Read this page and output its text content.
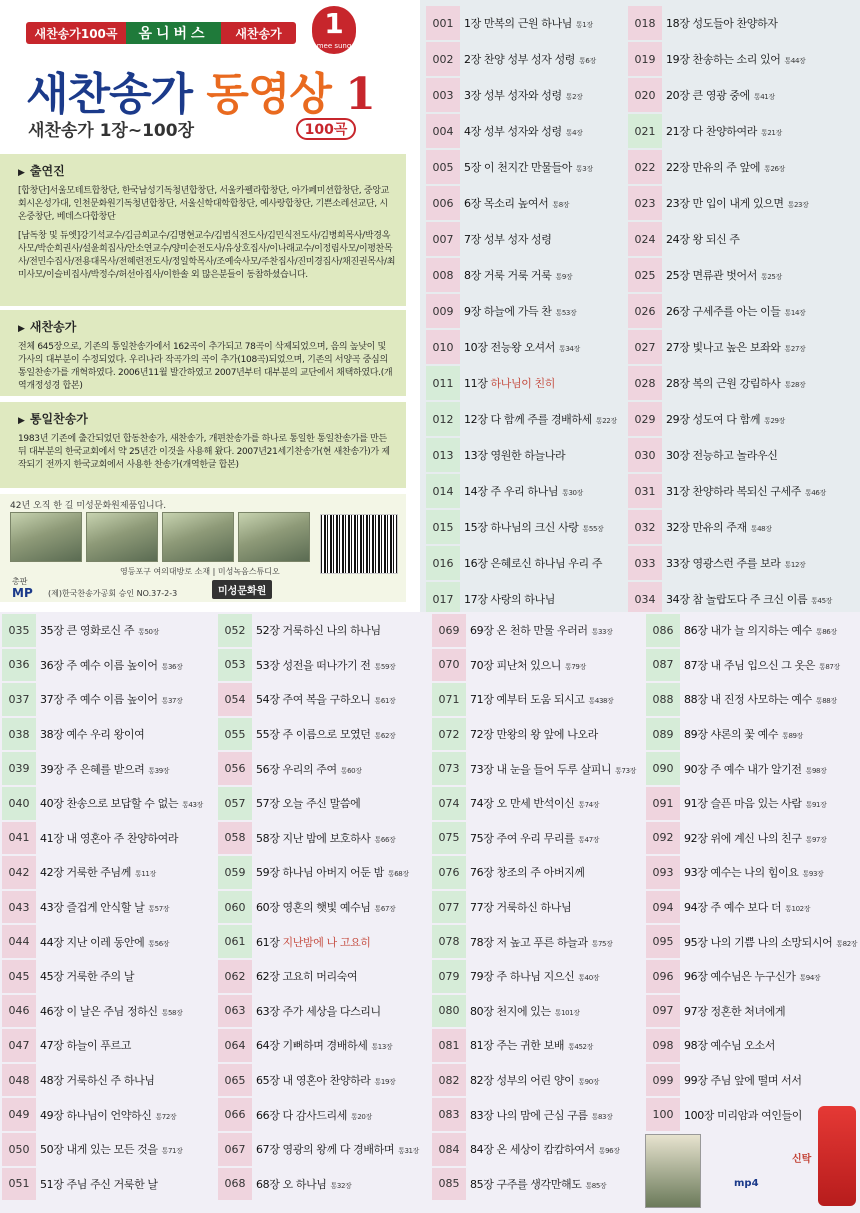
새찬송가100곡	옴니버스	새찬송가	1
mee sung
새찬송가 동영상 1
새찬송가 1장~100장	100곡
▶ 출연진

[합창단]서울모테트합창단, 한국남성기독청년합창단, 서울카펠라합창단, 아가페미션합창단, 중앙교회시온성가대, 인천문화원기독청년합창단, 서울신학대학합창단, 예사랑합창단, 기쁜소레선교단, 시온중창단, 베데스다합창단

[남독창 및 듀엣]강기석교수/김금희교수/김명현교수/김범식전도사/김민식전도사/김병희목사/박경옥사모/박순희권사/설윤희집사/안소연교수/양미순전도사/유상호집사/이나래교수/이정림사모/이평찬목사/전민수집사/전용대목사/전혜련전도사/정일학목사/조예숙사모/주찬집사/진미경집사/채진권목사/최미사모/이슬비집사/박정수/허선아집사/이한솔 외 많은분들이 동참하셨습니다.

▶ 새찬송가

전체 645장으로, 기존의 통일찬송가에서 162곡이 추가되고 78곡이 삭제되었으며, 음의 높낮이 및 가사의 대부분이 수정되었다. 우리나라 작곡가의 곡이 추가(108곡)되었으며, 기존의 서양곡 중심의 통일찬송가를 개혁하였다. 2006년11월 발간하였고 2007년부터 대부분의 교단에서 채택하였다.(개역개정성경 합본)

▶ 통일찬송가

1983년 기존에 출간되었던 합동찬송가, 새찬송가, 개편찬송가를 하나로 통일한 통일찬송가를 만든 뒤 대부분의 한국교회에서 약 25년간 이것을 사용해 왔다. 2007년21세기찬송가(현 새찬송가)가 제작되기 전까지 한국교회에서 사용한 찬송가(개역한글 합본)

42년 오직 한 길 미성문화원제품입니다.
영등포구 여의대방로 소재 | 미성녹음스튜디오
총판
MP (제)한국찬송가공회 승인 NO.37-2-3	미성문화원
001 1장 만복의 근원 하나님 통1장
002 2장 찬양 성부 성자 성령 통6장
003 3장 성부 성자와 성령 통2장
004 4장 성부 성자와 성령 통4장
005 5장 이 천지간 만물들아 통3장
006 6장 목소리 높여서 통8장
007 7장 성부 성자 성령
008 8장 거룩 거룩 거룩 통9장
009 9장 하늘에 가득 찬 통53장
010 10장 전능왕 오셔서 통34장
011 11장 하나님이 친히
012 12장 다 함께 주를 경배하세 통22장
013 13장 영원한 하늘나라
014 14장 주 우리 하나님 통30장
015 15장 하나님의 크신 사랑 통55장
016 16장 은혜로신 하나님 우리 주
017 17장 사랑의 하나님
018 18장 성도들아 찬양하자
019 19장 찬송하는 소리 있어 통44장
020 20장 큰 영광 중에 통41장
021 21장 다 찬양하여라 통21장
022 22장 만유의 주 앞에 통26장
023 23장 만 입이 내게 있으면 통23장
024 24장 왕 되신 주
025 25장 면류관 벗어서 통25장
026 26장 구세주를 아는 이들 통14장
027 27장 빛나고 높은 보좌와 통27장
028 28장 복의 근원 강림하사 통28장
029 29장 성도여 다 함께 통29장
030 30장 전능하고 놀라우신
031 31장 찬양하라 복되신 구세주 통46장
032 32장 만유의 주재 통48장
033 33장 영광스런 주를 보라 통12장
034 34장 참 놀랍도다 주 크신 이름 통45장
035 35장 큰 영화로신 주 통50장
036 36장 주 예수 이름 높이어 통36장
037 37장 주 예수 이름 높이어 통37장
038 38장 예수 우리 왕이여
039 39장 주 은혜를 받으려 통39장
040 40장 찬송으로 보답할 수 없는 통43장
041 41장 내 영혼아 주 찬양하여라
042 42장 거룩한 주님께 통11장
043 43장 즐겁게 안식할 날 통57장
044 44장 지난 이레 동안에 통56장
045 45장 거룩한 주의 날
046 46장 이 날은 주님 정하신 통58장
047 47장 하늘이 푸르고
048 48장 거룩하신 주 하나님
049 49장 하나님이 언약하신 통72장
050 50장 내게 있는 모든 것을 통71장
051 51장 주님 주신 거룩한 날
052 52장 거룩하신 나의 하나님
053 53장 성전을 떠나가기 전 통59장
054 54장 주여 복을 구하오니 통61장
055 55장 주 이름으로 모였던 통62장
056 56장 우리의 주여 통60장
057 57장 오늘 주신 말씀에
058 58장 지난 밤에 보호하사 통66장
059 59장 하나님 아버지 어둔 밤 통68장
060 60장 영혼의 햇빛 예수님 통67장
061 61장 지난밤에 나 고요히
062 62장 고요히 머리숙여
063 63장 주가 세상을 다스리니
064 64장 기뻐하며 경배하세 통13장
065 65장 내 영혼아 찬양하라 통19장
066 66장 다 감사드리세 통20장
067 67장 영광의 왕께 다 경배하며 통31장
068 68장 오 하나님 통32장
069 69장 온 천하 만물 우러러 통33장
070 70장 피난처 있으니 통79장
071 71장 예부터 도움 되시고 통438장
072 72장 만왕의 왕 앞에 나오라
073 73장 내 눈을 들어 두루 살피니 통73장
074 74장 오 만세 반석이신 통74장
075 75장 주여 우리 무리를 통47장
076 76장 창조의 주 아버지께
077 77장 거룩하신 하나님
078 78장 저 높고 푸른 하늘과 통75장
079 79장 주 하나님 지으신 통40장
080 80장 천지에 있는 통101장
081 81장 주는 귀한 보배 통452장
082 82장 성부의 어린 양이 통90장
083 83장 나의 맘에 근심 구름 통83장
084 84장 온 세상이 캄캄하여서 통96장
085 85장 구주를 생각만해도 통85장
086 86장 내가 늘 의지하는 예수 통86장
087 87장 내 주님 입으신 그 옷은 통87장
088 88장 내 진정 사모하는 예수 통88장
089 89장 샤론의 꽃 예수 통89장
090 90장 주 예수 내가 알기전 통98장
091 91장 슬픈 마음 있는 사람 통91장
092 92장 위에 계신 나의 친구 통97장
093 93장 예수는 나의 힘이요 통93장
094 94장 주 예수 보다 더 통102장
095 95장 나의 기쁨 나의 소망되시어 통82장
096 96장 예수님은 누구신가 통94장
097 97장 정혼한 처녀에게
098 98장 예수님 오소서
099 99장 주님 앞에 떨며 서서
100 100장 미리암과 여인들이
mp4
신탁
